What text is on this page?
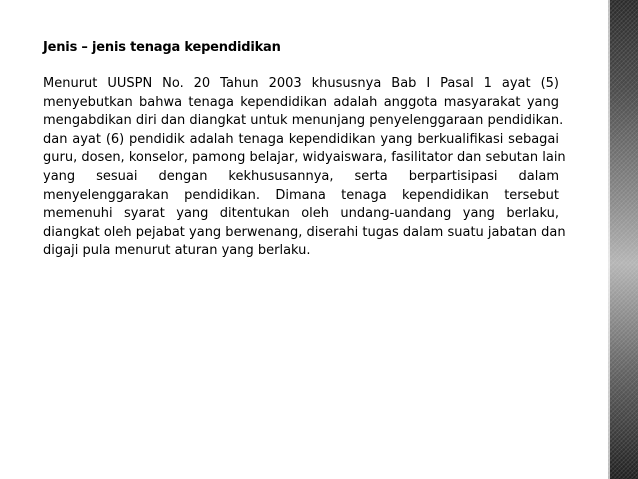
Jenis – jenis tenaga kependidikan

Menurut UUSPN No. 20 Tahun 2003 khususnya Bab I Pasal 1 ayat (5)
menyebutkan bahwa tenaga kependidikan adalah anggota masyarakat yang
mengabdikan diri dan diangkat untuk menunjang penyelenggaraan pendidikan.
dan ayat (6) pendidik adalah tenaga kependidikan yang berkualifikasi sebagai
guru, dosen, konselor, pamong belajar, widyaiswara, fasilitator dan sebutan lain
yang sesuai dengan kekhususannya, serta berpartisipasi dalam
menyelenggarakan pendidikan. Dimana tenaga kependidikan tersebut
memenuhi syarat yang ditentukan oleh undang-uandang yang berlaku,
diangkat oleh pejabat yang berwenang, diserahi tugas dalam suatu jabatan dan
digaji pula menurut aturan yang berlaku.
